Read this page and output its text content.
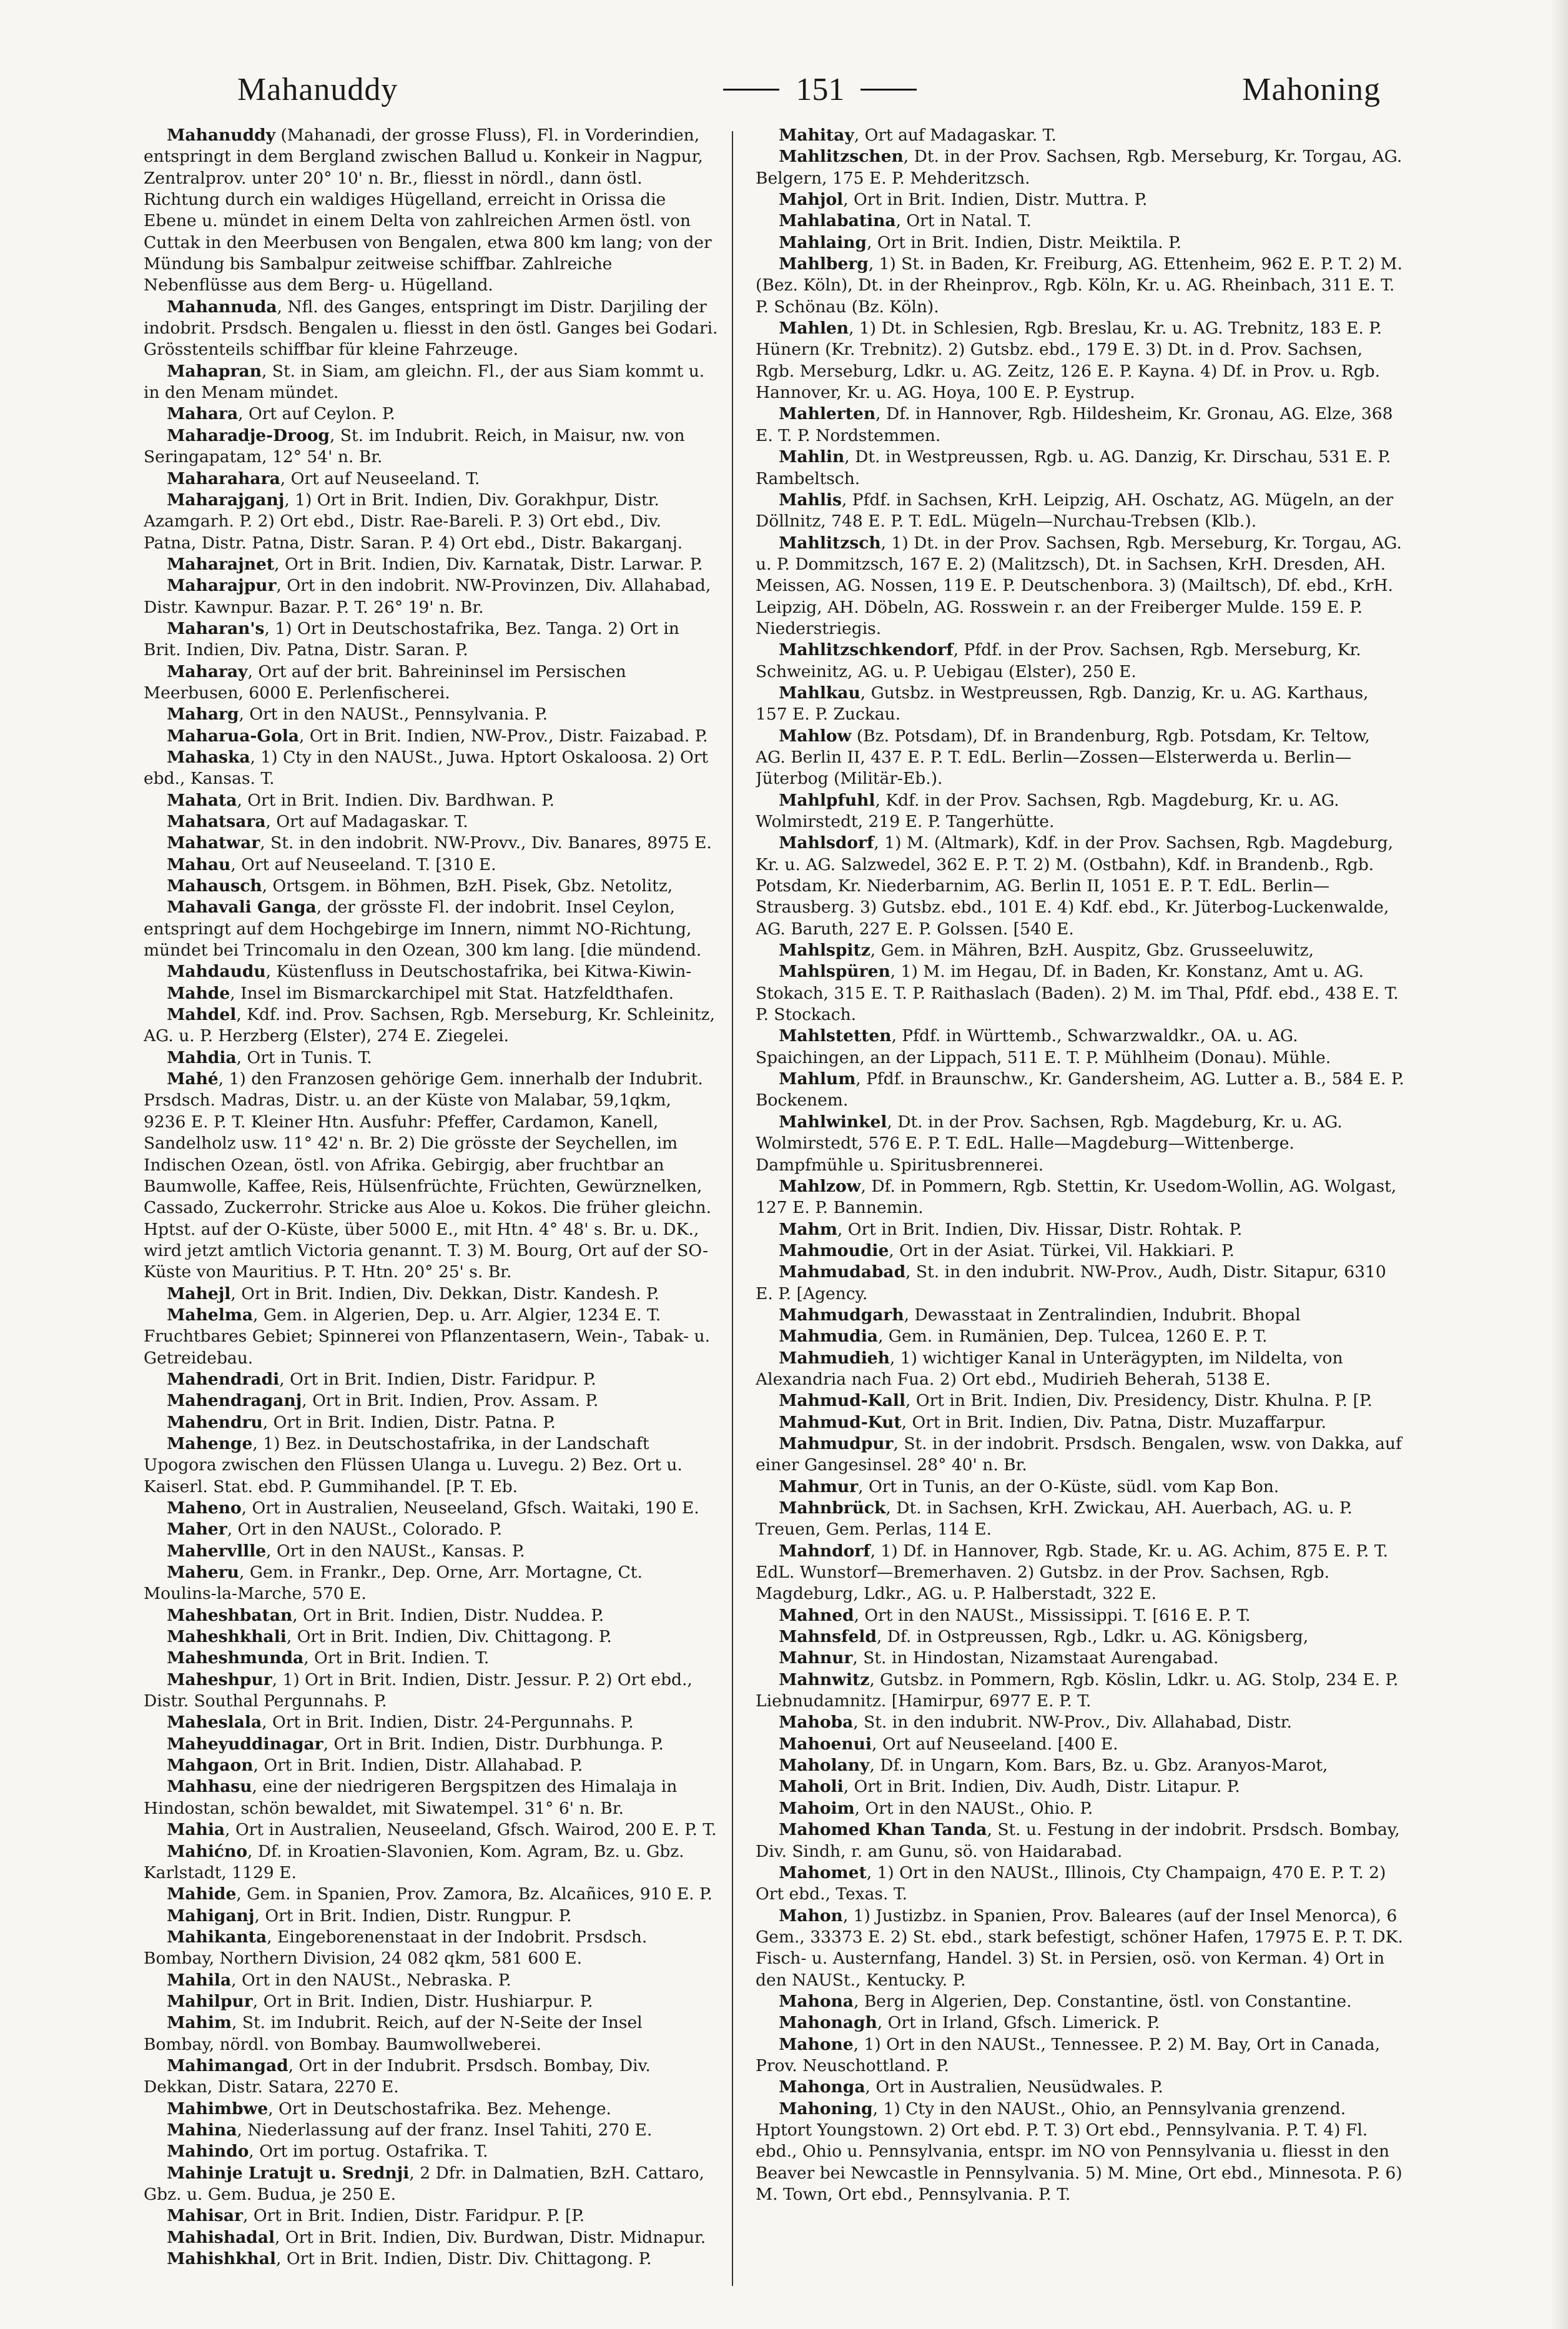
Mahanuddy	151	Mahoning

Mahanuddy (Mahanadi, der grosse Fluss), Fl. in Vorderindien, entspringt in dem Bergland zwischen Ballud u. Konkeir in Nagpur, Zentralprov. unter 20° 10' n. Br., fliesst in nördl., dann östl. Richtung durch ein waldiges Hügelland, erreicht in Orissa die Ebene u. mündet in einem Delta von zahlreichen Armen östl. von Cuttak in den Meerbusen von Bengalen, etwa 800 km lang; von der Mündung bis Sambalpur zeitweise schiffbar. Zahlreiche Nebenflüsse aus dem Berg- u. Hügelland.

Mahannuda, Nfl. des Ganges, entspringt im Distr. Darjiling der indobrit. Prsdsch. Bengalen u. fliesst in den östl. Ganges bei Godari. Grösstenteils schiffbar für kleine Fahrzeuge.

Mahapran, St. in Siam, am gleichn. Fl., der aus Siam kommt u. in den Menam mündet.

Mahara, Ort auf Ceylon. P.

Maharadje-Droog, St. im Indubrit. Reich, in Maisur, nw. von Seringapatam, 12° 54' n. Br.

Maharahara, Ort auf Neuseeland. T.

Maharajganj, 1) Ort in Brit. Indien, Div. Gorakhpur, Distr. Azamgarh. P. 2) Ort ebd., Distr. Rae-Bareli. P. 3) Ort ebd., Div. Patna, Distr. Patna, Distr. Saran. P. 4) Ort ebd., Distr. Bakarganj.

Maharajnet, Ort in Brit. Indien, Div. Karnatak, Distr. Larwar. P.

Maharajpur, Ort in den indobrit. NW-Provinzen, Div. Allahabad, Distr. Kawnpur. Bazar. P. T. 26° 19' n. Br.

Maharan's, 1) Ort in Deutschostafrika, Bez. Tanga. 2) Ort in Brit. Indien, Div. Patna, Distr. Saran. P.

Maharay, Ort auf der brit. Bahreininsel im Persischen Meerbusen, 6000 E. Perlenfischerei.

Maharg, Ort in den NAUSt., Pennsylvania. P.

Maharua-Gola, Ort in Brit. Indien, NW-Prov., Distr. Faizabad. P.

Mahaska, 1) Cty in den NAUSt., Juwa. Hptort Oskaloosa. 2) Ort ebd., Kansas. T.

Mahata, Ort in Brit. Indien. Div. Bardhwan. P.

Mahatsara, Ort auf Madagaskar. T.

Mahatwar, St. in den indobrit. NW-Provv., Div. Banares, 8975 E.

Mahau, Ort auf Neuseeland. T. [310 E.

Mahausch, Ortsgem. in Böhmen, BzH. Pisek, Gbz. Netolitz,

Mahavali Ganga, der grösste Fl. der indobrit. Insel Ceylon, entspringt auf dem Hochgebirge im Innern, nimmt NO-Richtung, mündet bei Trincomalu in den Ozean, 300 km lang. [die mündend.

Mahdaudu, Küstenfluss in Deutschostafrika, bei Kitwa-Kiwin-

Mahde, Insel im Bismarckarchipel mit Stat. Hatzfeldthafen.

Mahdel, Kdf. ind. Prov. Sachsen, Rgb. Merseburg, Kr. Schleinitz, AG. u. P. Herzberg (Elster), 274 E. Ziegelei.

Mahdia, Ort in Tunis. T.

Mahé, 1) den Franzosen gehörige Gem. innerhalb der Indubrit. Prsdsch. Madras, Distr. u. an der Küste von Malabar, 59,1qkm, 9236 E. P. T. Kleiner Htn. Ausfuhr: Pfeffer, Cardamon, Kanell, Sandelholz usw. 11° 42' n. Br. 2) Die grösste der Seychellen, im Indischen Ozean, östl. von Afrika. Gebirgig, aber fruchtbar an Baumwolle, Kaffee, Reis, Hülsenfrüchte, Früchten, Gewürznelken, Cassado, Zuckerrohr. Stricke aus Aloe u. Kokos. Die früher gleichn. Hptst. auf der O-Küste, über 5000 E., mit Htn. 4° 48' s. Br. u. DK., wird jetzt amtlich Victoria genannt. T. 3) M. Bourg, Ort auf der SO-Küste von Mauritius. P. T. Htn. 20° 25' s. Br.

Mahejl, Ort in Brit. Indien, Div. Dekkan, Distr. Kandesh. P.

Mahelma, Gem. in Algerien, Dep. u. Arr. Algier, 1234 E. T. Fruchtbares Gebiet; Spinnerei von Pflanzentasern, Wein-, Tabak- u. Getreidebau.

Mahendradi, Ort in Brit. Indien, Distr. Faridpur. P.

Mahendraganj, Ort in Brit. Indien, Prov. Assam. P.

Mahendru, Ort in Brit. Indien, Distr. Patna. P.

Mahenge, 1) Bez. in Deutschostafrika, in der Landschaft Upogora zwischen den Flüssen Ulanga u. Luvegu. 2) Bez. Ort u. Kaiserl. Stat. ebd. P. Gummihandel. [P. T. Eb.

Maheno, Ort in Australien, Neuseeland, Gfsch. Waitaki, 190 E.

Maher, Ort in den NAUSt., Colorado. P.

Mahervllle, Ort in den NAUSt., Kansas. P.

Maheru, Gem. in Frankr., Dep. Orne, Arr. Mortagne, Ct. Moulins-la-Marche, 570 E.

Maheshbatan, Ort in Brit. Indien, Distr. Nuddea. P.

Maheshkhali, Ort in Brit. Indien, Div. Chittagong. P.

Maheshmunda, Ort in Brit. Indien. T.

Maheshpur, 1) Ort in Brit. Indien, Distr. Jessur. P. 2) Ort ebd., Distr. Southal Pergunnahs. P.

Maheslala, Ort in Brit. Indien, Distr. 24-Pergunnahs. P.

Maheyuddinagar, Ort in Brit. Indien, Distr. Durbhunga. P.

Mahgaon, Ort in Brit. Indien, Distr. Allahabad. P.

Mahhasu, eine der niedrigeren Bergspitzen des Himalaja in Hindostan, schön bewaldet, mit Siwatempel. 31° 6' n. Br.

Mahia, Ort in Australien, Neuseeland, Gfsch. Wairod, 200 E. P. T.

Mahićno, Df. in Kroatien-Slavonien, Kom. Agram, Bz. u. Gbz. Karlstadt, 1129 E.

Mahide, Gem. in Spanien, Prov. Zamora, Bz. Alcañices, 910 E. P.

Mahiganj, Ort in Brit. Indien, Distr. Rungpur. P.

Mahikanta, Eingeborenenstaat in der Indobrit. Prsdsch. Bombay, Northern Division, 24 082 qkm, 581 600 E.

Mahila, Ort in den NAUSt., Nebraska. P.

Mahilpur, Ort in Brit. Indien, Distr. Hushiarpur. P.

Mahim, St. im Indubrit. Reich, auf der N-Seite der Insel Bombay, nördl. von Bombay. Baumwollweberei.

Mahimangad, Ort in der Indubrit. Prsdsch. Bombay, Div. Dekkan, Distr. Satara, 2270 E.

Mahimbwe, Ort in Deutschostafrika. Bez. Mehenge.

Mahina, Niederlassung auf der franz. Insel Tahiti, 270 E.

Mahindo, Ort im portug. Ostafrika. T.

Mahinje Lratujt u. Srednji, 2 Dfr. in Dalmatien, BzH. Cattaro, Gbz. u. Gem. Budua, je 250 E.

Mahisar, Ort in Brit. Indien, Distr. Faridpur. P. [P.

Mahishadal, Ort in Brit. Indien, Div. Burdwan, Distr. Midnapur.

Mahishkhal, Ort in Brit. Indien, Distr. Div. Chittagong. P.

Mahitay, Ort auf Madagaskar. T.

Mahlitzschen, Dt. in der Prov. Sachsen, Rgb. Merseburg, Kr. Torgau, AG. Belgern, 175 E. P. Mehderitzsch.

Mahjol, Ort in Brit. Indien, Distr. Muttra. P.

Mahlabatina, Ort in Natal. T.

Mahlaing, Ort in Brit. Indien, Distr. Meiktila. P.

Mahlberg, 1) St. in Baden, Kr. Freiburg, AG. Ettenheim, 962 E. P. T. 2) M. (Bez. Köln), Dt. in der Rheinprov., Rgb. Köln, Kr. u. AG. Rheinbach, 311 E. T. P. Schönau (Bz. Köln).

Mahlen, 1) Dt. in Schlesien, Rgb. Breslau, Kr. u. AG. Trebnitz, 183 E. P. Hünern (Kr. Trebnitz). 2) Gutsbz. ebd., 179 E. 3) Dt. in d. Prov. Sachsen, Rgb. Merseburg, Ldkr. u. AG. Zeitz, 126 E. P. Kayna. 4) Df. in Prov. u. Rgb. Hannover, Kr. u. AG. Hoya, 100 E. P. Eystrup.

Mahlerten, Df. in Hannover, Rgb. Hildesheim, Kr. Gronau, AG. Elze, 368 E. T. P. Nordstemmen.

Mahlin, Dt. in Westpreussen, Rgb. u. AG. Danzig, Kr. Dirschau, 531 E. P. Rambeltsch.

Mahlis, Pfdf. in Sachsen, KrH. Leipzig, AH. Oschatz, AG. Mügeln, an der Döllnitz, 748 E. P. T. EdL. Mügeln—Nurchau-Trebsen (Klb.).

Mahlitzsch, 1) Dt. in der Prov. Sachsen, Rgb. Merseburg, Kr. Torgau, AG. u. P. Dommitzsch, 167 E. 2) (Malitzsch), Dt. in Sachsen, KrH. Dresden, AH. Meissen, AG. Nossen, 119 E. P. Deutschenbora. 3) (Mailtsch), Df. ebd., KrH. Leipzig, AH. Döbeln, AG. Rosswein r. an der Freiberger Mulde. 159 E. P. Niederstriegis.

Mahlitzschkendorf, Pfdf. in der Prov. Sachsen, Rgb. Merseburg, Kr. Schweinitz, AG. u. P. Uebigau (Elster), 250 E.

Mahlkau, Gutsbz. in Westpreussen, Rgb. Danzig, Kr. u. AG. Karthaus, 157 E. P. Zuckau.

Mahlow (Bz. Potsdam), Df. in Brandenburg, Rgb. Potsdam, Kr. Teltow, AG. Berlin II, 437 E. P. T. EdL. Berlin—Zossen—Elsterwerda u. Berlin—Jüterbog (Militär-Eb.).

Mahlpfuhl, Kdf. in der Prov. Sachsen, Rgb. Magdeburg, Kr. u. AG. Wolmirstedt, 219 E. P. Tangerhütte.

Mahlsdorf, 1) M. (Altmark), Kdf. in der Prov. Sachsen, Rgb. Magdeburg, Kr. u. AG. Salzwedel, 362 E. P. T. 2) M. (Ostbahn), Kdf. in Brandenb., Rgb. Potsdam, Kr. Niederbarnim, AG. Berlin II, 1051 E. P. T. EdL. Berlin—Strausberg. 3) Gutsbz. ebd., 101 E. 4) Kdf. ebd., Kr. Jüterbog-Luckenwalde, AG. Baruth, 227 E. P. Golssen. [540 E.

Mahlspitz, Gem. in Mähren, BzH. Auspitz, Gbz. Grusseeluwitz,

Mahlspüren, 1) M. im Hegau, Df. in Baden, Kr. Konstanz, Amt u. AG. Stokach, 315 E. T. P. Raithaslach (Baden). 2) M. im Thal, Pfdf. ebd., 438 E. T. P. Stockach.

Mahlstetten, Pfdf. in Württemb., Schwarzwaldkr., OA. u. AG. Spaichingen, an der Lippach, 511 E. T. P. Mühlheim (Donau). Mühle.

Mahlum, Pfdf. in Braunschw., Kr. Gandersheim, AG. Lutter a. B., 584 E. P. Bockenem.

Mahlwinkel, Dt. in der Prov. Sachsen, Rgb. Magdeburg, Kr. u. AG. Wolmirstedt, 576 E. P. T. EdL. Halle—Magdeburg—Wittenberge. Dampfmühle u. Spiritusbrennerei.

Mahlzow, Df. in Pommern, Rgb. Stettin, Kr. Usedom-Wollin, AG. Wolgast, 127 E. P. Bannemin.

Mahm, Ort in Brit. Indien, Div. Hissar, Distr. Rohtak. P.

Mahmoudie, Ort in der Asiat. Türkei, Vil. Hakkiari. P.

Mahmudabad, St. in den indubrit. NW-Prov., Audh, Distr. Sitapur, 6310 E. P. [Agency.

Mahmudgarh, Dewasstaat in Zentralindien, Indubrit. Bhopal

Mahmudia, Gem. in Rumänien, Dep. Tulcea, 1260 E. P. T.

Mahmudieh, 1) wichtiger Kanal in Unterägypten, im Nildelta, von Alexandria nach Fua. 2) Ort ebd., Mudirieh Beherah, 5138 E.

Mahmud-Kall, Ort in Brit. Indien, Div. Presidency, Distr. Khulna. P. [P.

Mahmud-Kut, Ort in Brit. Indien, Div. Patna, Distr. Muzaffarpur.

Mahmudpur, St. in der indobrit. Prsdsch. Bengalen, wsw. von Dakka, auf einer Gangesinsel. 28° 40' n. Br.

Mahmur, Ort in Tunis, an der O-Küste, südl. vom Kap Bon.

Mahnbrück, Dt. in Sachsen, KrH. Zwickau, AH. Auerbach, AG. u. P. Treuen, Gem. Perlas, 114 E.

Mahndorf, 1) Df. in Hannover, Rgb. Stade, Kr. u. AG. Achim, 875 E. P. T. EdL. Wunstorf—Bremerhaven. 2) Gutsbz. in der Prov. Sachsen, Rgb. Magdeburg, Ldkr., AG. u. P. Halberstadt, 322 E.

Mahned, Ort in den NAUSt., Mississippi. T. [616 E. P. T.

Mahnsfeld, Df. in Ostpreussen, Rgb., Ldkr. u. AG. Königsberg,

Mahnur, St. in Hindostan, Nizamstaat Aurengabad.

Mahnwitz, Gutsbz. in Pommern, Rgb. Köslin, Ldkr. u. AG. Stolp, 234 E. P. Liebnudamnitz. [Hamirpur, 6977 E. P. T.

Mahoba, St. in den indubrit. NW-Prov., Div. Allahabad, Distr.

Mahoenui, Ort auf Neuseeland. [400 E.

Maholany, Df. in Ungarn, Kom. Bars, Bz. u. Gbz. Aranyos-Marot,

Maholi, Ort in Brit. Indien, Div. Audh, Distr. Litapur. P.

Mahoim, Ort in den NAUSt., Ohio. P.

Mahomed Khan Tanda, St. u. Festung in der indobrit. Prsdsch. Bombay, Div. Sindh, r. am Gunu, sö. von Haidarabad.

Mahomet, 1) Ort in den NAUSt., Illinois, Cty Champaign, 470 E. P. T. 2) Ort ebd., Texas. T.

Mahon, 1) Justizbz. in Spanien, Prov. Baleares (auf der Insel Menorca), 6 Gem., 33373 E. 2) St. ebd., stark befestigt, schöner Hafen, 17975 E. P. T. DK. Fisch- u. Austernfang, Handel. 3) St. in Persien, osö. von Kerman. 4) Ort in den NAUSt., Kentucky. P.

Mahona, Berg in Algerien, Dep. Constantine, östl. von Constantine.

Mahonagh, Ort in Irland, Gfsch. Limerick. P.

Mahone, 1) Ort in den NAUSt., Tennessee. P. 2) M. Bay, Ort in Canada, Prov. Neuschottland. P.

Mahonga, Ort in Australien, Neusüdwales. P.

Mahoning, 1) Cty in den NAUSt., Ohio, an Pennsylvania grenzend. Hptort Youngstown. 2) Ort ebd. P. T. 3) Ort ebd., Pennsylvania. P. T. 4) Fl. ebd., Ohio u. Pennsylvania, entspr. im NO von Pennsylvania u. fliesst in den Beaver bei Newcastle in Pennsylvania. 5) M. Mine, Ort ebd., Minnesota. P. 6) M. Town, Ort ebd., Pennsylvania. P. T.
